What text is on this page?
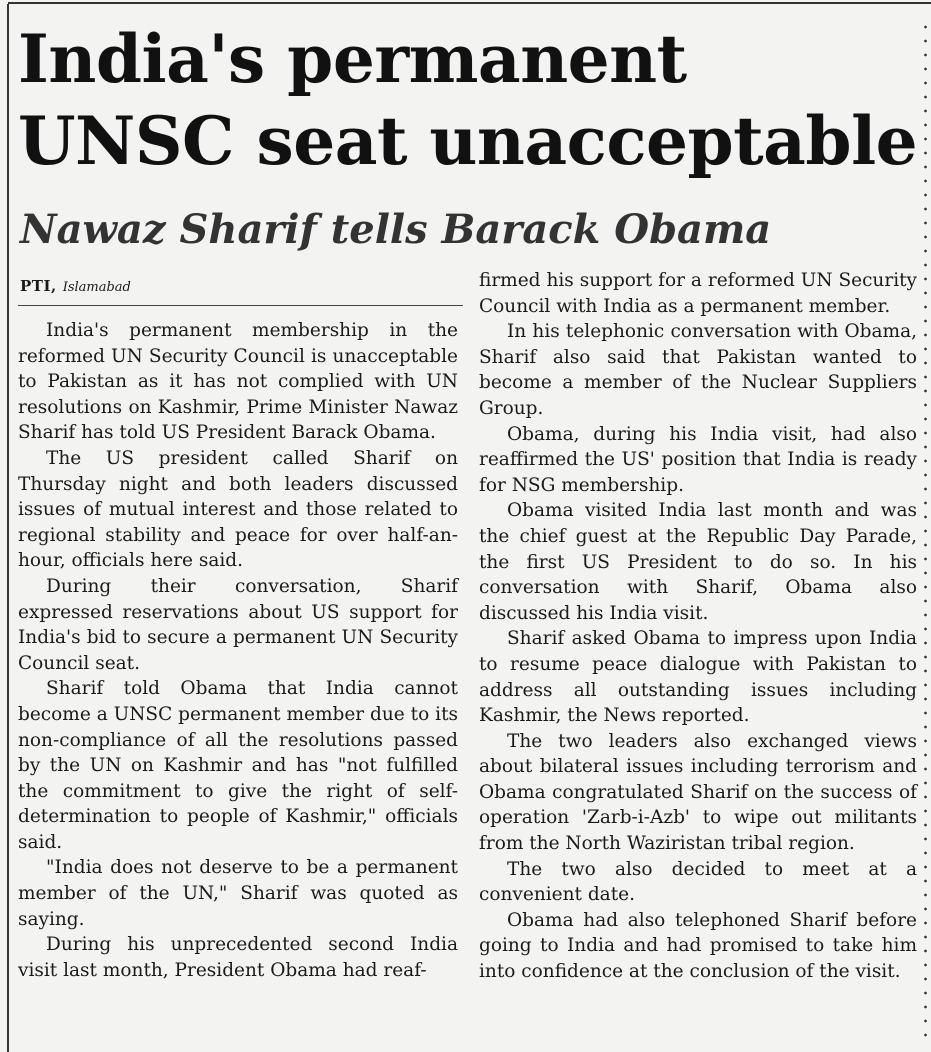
India's permanent UNSC seat unacceptable
Nawaz Sharif tells Barack Obama
PTI, Islamabad

India's permanent membership in the reformed UN Security Council is unacceptable to Pakistan as it has not complied with UN resolutions on Kashmir, Prime Minister Nawaz Sharif has told US President Barack Obama.

The US president called Sharif on Thursday night and both leaders discussed issues of mutual interest and those related to regional stability and peace for over half-an-hour, officials here said.

During their conversation, Sharif expressed reservations about US support for India's bid to secure a permanent UN Security Council seat.

Sharif told Obama that India cannot become a UNSC permanent member due to its non-compliance of all the resolutions passed by the UN on Kashmir and has "not fulfilled the commitment to give the right of self-determination to people of Kashmir," officials said.

"India does not deserve to be a permanent member of the UN," Sharif was quoted as saying.

During his unprecedented second India visit last month, President Obama had reaf-

firmed his support for a reformed UN Security Council with India as a permanent member.

In his telephonic conversation with Obama, Sharif also said that Pakistan wanted to become a member of the Nuclear Suppliers Group.

Obama, during his India visit, had also reaffirmed the US' position that India is ready for NSG membership.

Obama visited India last month and was the chief guest at the Republic Day Parade, the first US President to do so. In his conversation with Sharif, Obama also discussed his India visit.

Sharif asked Obama to impress upon India to resume peace dialogue with Pakistan to address all outstanding issues including Kashmir, the News reported.

The two leaders also exchanged views about bilateral issues including terrorism and Obama congratulated Sharif on the success of operation 'Zarb-i-Azb' to wipe out militants from the North Waziristan tribal region.

The two also decided to meet at a convenient date.

Obama had also telephoned Sharif before going to India and had promised to take him into confidence at the conclusion of the visit.
